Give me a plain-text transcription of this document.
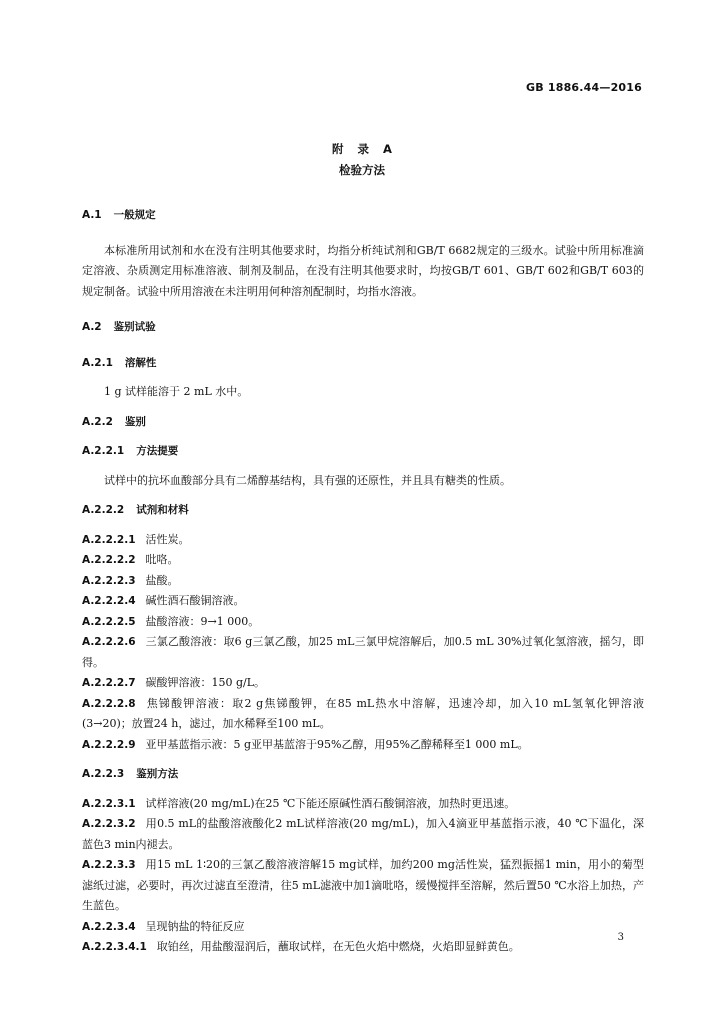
GB 1886.44—2016
附 录 A
检验方法

A.1 一般规定

本标准所用试剂和水在没有注明其他要求时，均指分析纯试剂和GB/T 6682规定的三级水。试验中所用标准滴定溶液、杂质测定用标准溶液、制剂及制品，在没有注明其他要求时，均按GB/T 601、GB/T 602和GB/T 603的规定制备。试验中所用溶液在未注明用何种溶剂配制时，均指水溶液。

A.2 鉴别试验

A.2.1 溶解性

1 g 试样能溶于 2 mL 水中。

A.2.2 鉴别

A.2.2.1 方法提要

试样中的抗坏血酸部分具有二烯醇基结构，具有强的还原性，并且具有糖类的性质。

A.2.2.2 试剂和材料

A.2.2.2.1 活性炭。

A.2.2.2.2 吡咯。

A.2.2.2.3 盐酸。

A.2.2.2.4 碱性酒石酸铜溶液。

A.2.2.2.5 盐酸溶液：9→1 000。

A.2.2.2.6 三氯乙酸溶液：取6 g三氯乙酸，加25 mL三氯甲烷溶解后，加0.5 mL 30%过氧化氢溶液，摇匀，即得。

A.2.2.2.7 碳酸钾溶液：150 g/L。

A.2.2.2.8 焦锑酸钾溶液：取2 g焦锑酸钾，在85 mL热水中溶解，迅速冷却，加入10 mL氢氧化钾溶液(3→20)；放置24 h，滤过，加水稀释至100 mL。

A.2.2.2.9 亚甲基蓝指示液：5 g亚甲基蓝溶于95%乙醇，用95%乙醇稀释至1 000 mL。

A.2.2.3 鉴别方法

A.2.2.3.1 试样溶液(20 mg/mL)在25 ℃下能还原碱性酒石酸铜溶液，加热时更迅速。

A.2.2.3.2 用0.5 mL的盐酸溶液酸化2 mL试样溶液(20 mg/mL)，加入4滴亚甲基蓝指示液，40 ℃下温化，深蓝色3 min内褪去。

A.2.2.3.3 用15 mL 1∶20的三氯乙酸溶液溶解15 mg试样，加约200 mg活性炭，猛烈振摇1 min，用小的菊型滤纸过滤，必要时，再次过滤直至澄清，往5 mL滤液中加1滴吡咯，缓慢搅拌至溶解，然后置50 ℃水浴上加热，产生蓝色。

A.2.2.3.4 呈现钠盐的特征反应

A.2.2.3.4.1 取铂丝，用盐酸湿润后，蘸取试样，在无色火焰中燃烧，火焰即显鲜黄色。

3
